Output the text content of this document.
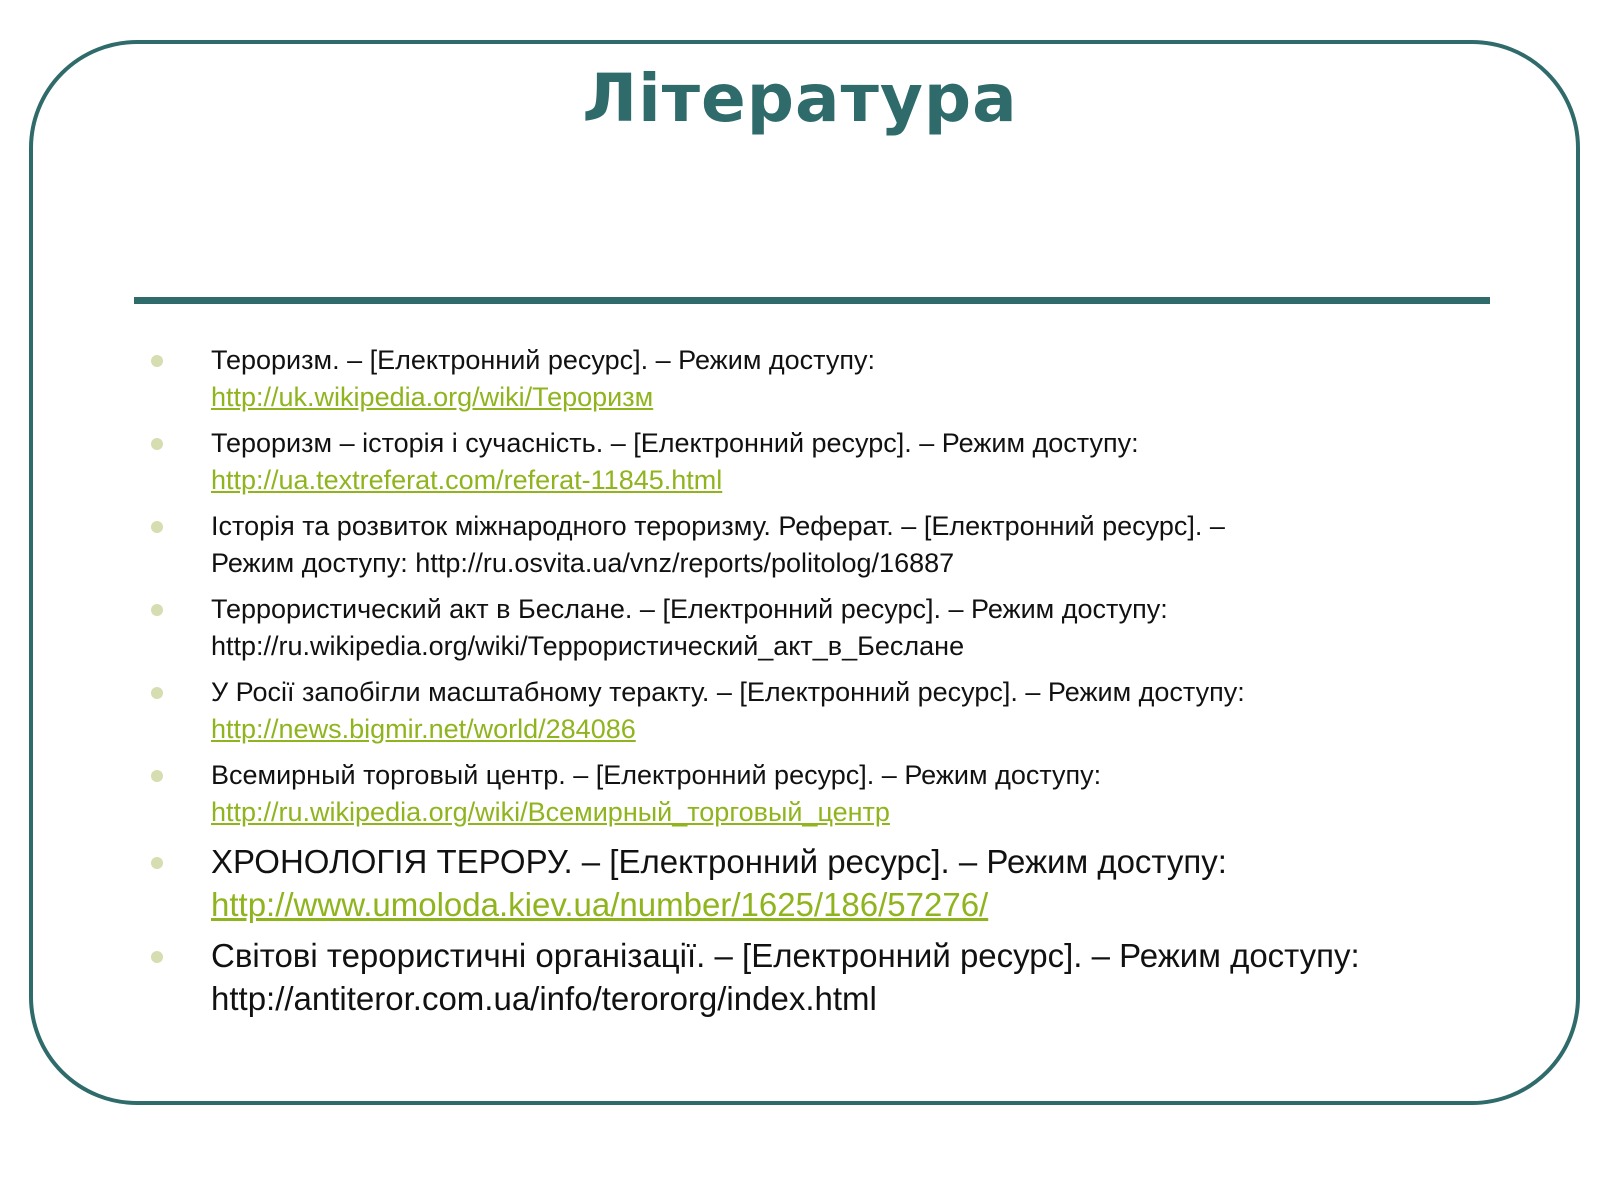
Література
Тероризм. – [Електронний ресурс]. – Режим доступу:
http://uk.wikipedia.org/wiki/Тероризм
Тероризм – історія і сучасність. – [Електронний ресурс]. – Режим доступу:
http://ua.textreferat.com/referat-11845.html
Історія та розвиток міжнародного тероризму. Реферат. – [Електронний ресурс]. –
Режим доступу: http://ru.osvita.ua/vnz/reports/politolog/16887
Террористический акт в Беслане. – [Електронний ресурс]. – Режим доступу:
http://ru.wikipedia.org/wiki/Террористический_акт_в_Беслане
У Росії запобігли масштабному теракту. – [Електронний ресурс]. – Режим доступу:
http://news.bigmir.net/world/284086
Всемирный торговый центр. – [Електронний ресурс]. – Режим доступу:
http://ru.wikipedia.org/wiki/Всемирный_торговый_центр
ХРОНОЛОГІЯ ТЕРОРУ. – [Електронний ресурс]. – Режим доступу:
http://www.umoloda.kiev.ua/number/1625/186/57276/
Світові терористичні організації. – [Електронний ресурс]. – Режим доступу:
http://antiteror.com.ua/info/terororg/index.html
